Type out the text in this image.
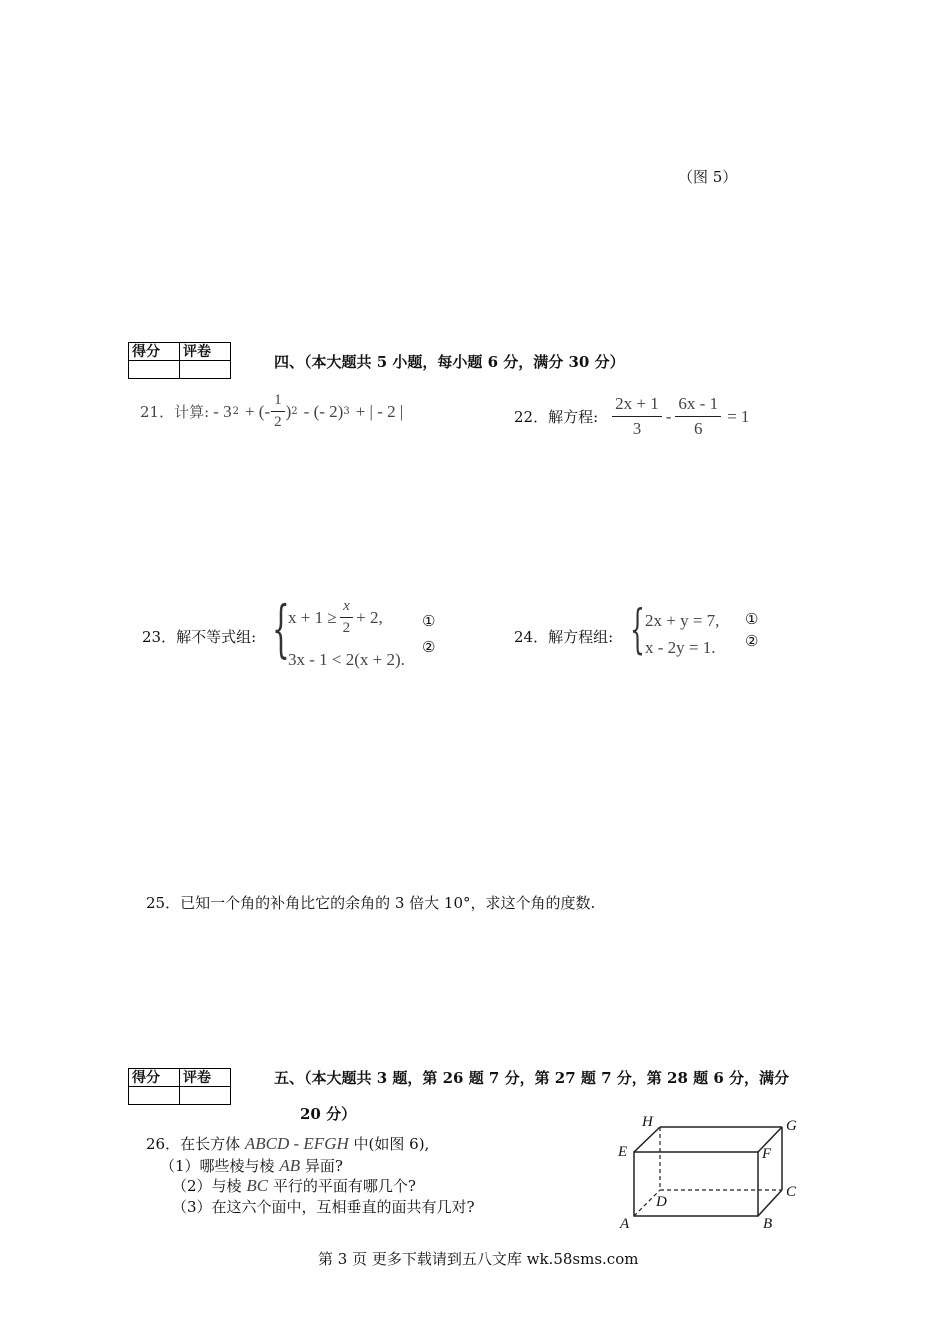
（图 5）
得分	评卷

四、（本大题共 5 小题，每小题 6 分，满分 30 分）
21．计算: - 3 2 + (- $\frac{1}{2}$ ) 2 - (- 2) 3 + | - 2 |	22．解方程: $\frac{2x + 1}{3} - \frac{6x - 1}{6} = 1$
23．解不等式组: {
$x + 1 \ge \frac{x}{2} + 2$,
3x - 1 < 2(x + 2).
①
②
24．解方程组: { 2x + y = 7,
x - 2y = 1.
①
②
25．已知一个角的补角比它的余角的 3 倍大 10°，求这个角的度数.
得分	评卷
		五、（本大题共 3 题，第 26 题 7 分，第 27 题 7 分，第 28 题 6 分，满分
20 分）
26．在长方体 ABCD - EFGH 中(如图 6),
（1）哪些棱与棱 AB 异面?
（2）与棱 BC 平行的平面有哪几个?
（3）在这六个面中，互相垂直的面共有几对?
A	B
C
D
E	F
G
H
第 3 页 更多下载请到五八文库 wk.58sms.com
